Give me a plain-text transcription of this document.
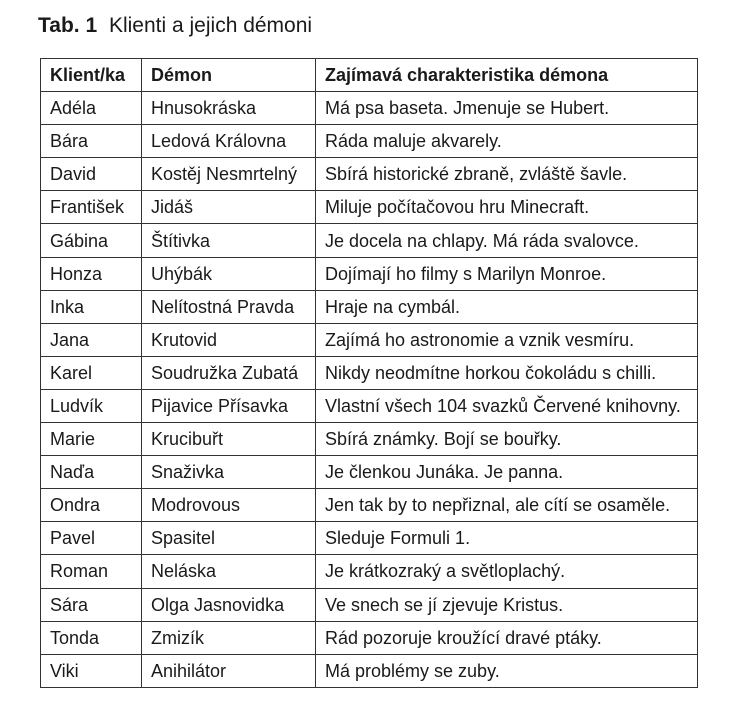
Tab. 1 Klienti a jejich démoni
Klient/ka	Démon	Zajímavá charakteristika démona
Adéla	Hnusokráska	Má psa baseta. Jmenuje se Hubert.
Bára	Ledová Královna	Ráda maluje akvarely.
David	Kostěj Nesmrtelný	Sbírá historické zbraně, zvláště šavle.
František	Jidáš	Miluje počítačovou hru Minecraft.
Gábina	Štítivka	Je docela na chlapy. Má ráda svalovce.
Honza	Uhýbák	Dojímají ho filmy s Marilyn Monroe.
Inka	Nelítostná Pravda	Hraje na cymbál.
Jana	Krutovid	Zajímá ho astronomie a vznik vesmíru.
Karel	Soudružka Zubatá	Nikdy neodmítne horkou čokoládu s chilli.
Ludvík	Pijavice Přísavka	Vlastní všech 104 svazků Červené knihovny.
Marie	Krucibuřt	Sbírá známky. Bojí se bouřky.
Naďa	Snaživka	Je členkou Junáka. Je panna.
Ondra	Modrovous	Jen tak by to nepřiznal, ale cítí se osaměle.
Pavel	Spasitel	Sleduje Formuli 1.
Roman	Neláska	Je krátkozraký a světloplachý.
Sára	Olga Jasnovidka	Ve snech se jí zjevuje Kristus.
Tonda	Zmizík	Rád pozoruje kroužící dravé ptáky.
Viki	Anihilátor	Má problémy se zuby.
